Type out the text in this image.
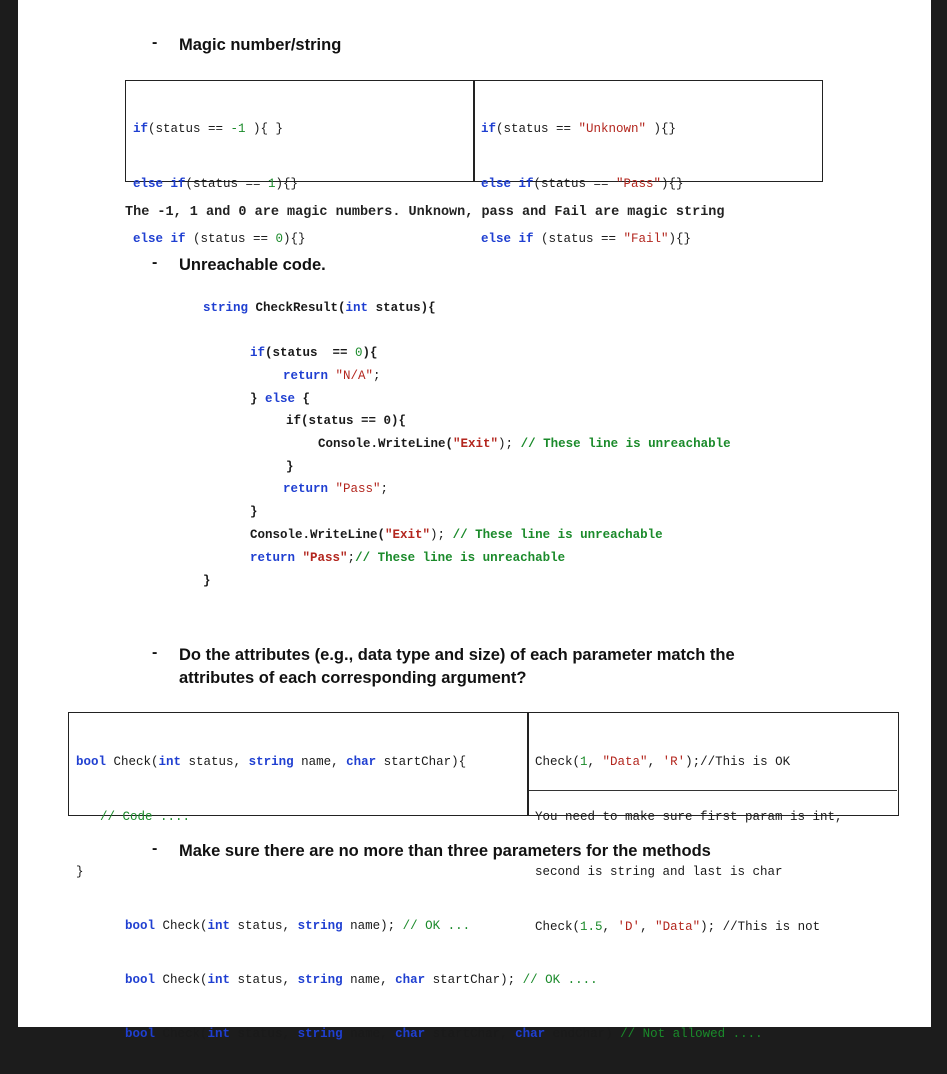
- Magic number/string

if(status == -1 ){ }

else if(status == 1){}

else if (status == 0){}

if(status == "Unknown" ){}

else if(status == "Pass"){}

else if (status == "Fail"){}

The -1, 1 and 0 are magic numbers. Unknown, pass and Fail are magic string
- Unreachable code.
string CheckResult(int status){
if(status  == 0){
return "N/A";
} else {
if(status == 0){
Console.WriteLine("Exit"); // These line is unreachable
}
return "Pass";
}
Console.WriteLine("Exit"); // These line is unreachable
return "Pass";// These line is unreachable
}
- Do the attributes (e.g., data type and size) of each parameter match the
attributes of each corresponding argument?

bool Check(int status, string name, char startChar){

// Code ....

}

Check(1, "Data", 'R');//This is OK

You need to make sure first param is int,

second is string and last is char

Check(1.5, 'D', "Data"); //This is not

- Make sure there are no more than three parameters for the methods

bool Check(int status, string name); // OK ...

bool Check(int status, string name, char startChar); // OK ....

bool Check(int status, string name, char startChar, char endChar) // Not allowed ....
